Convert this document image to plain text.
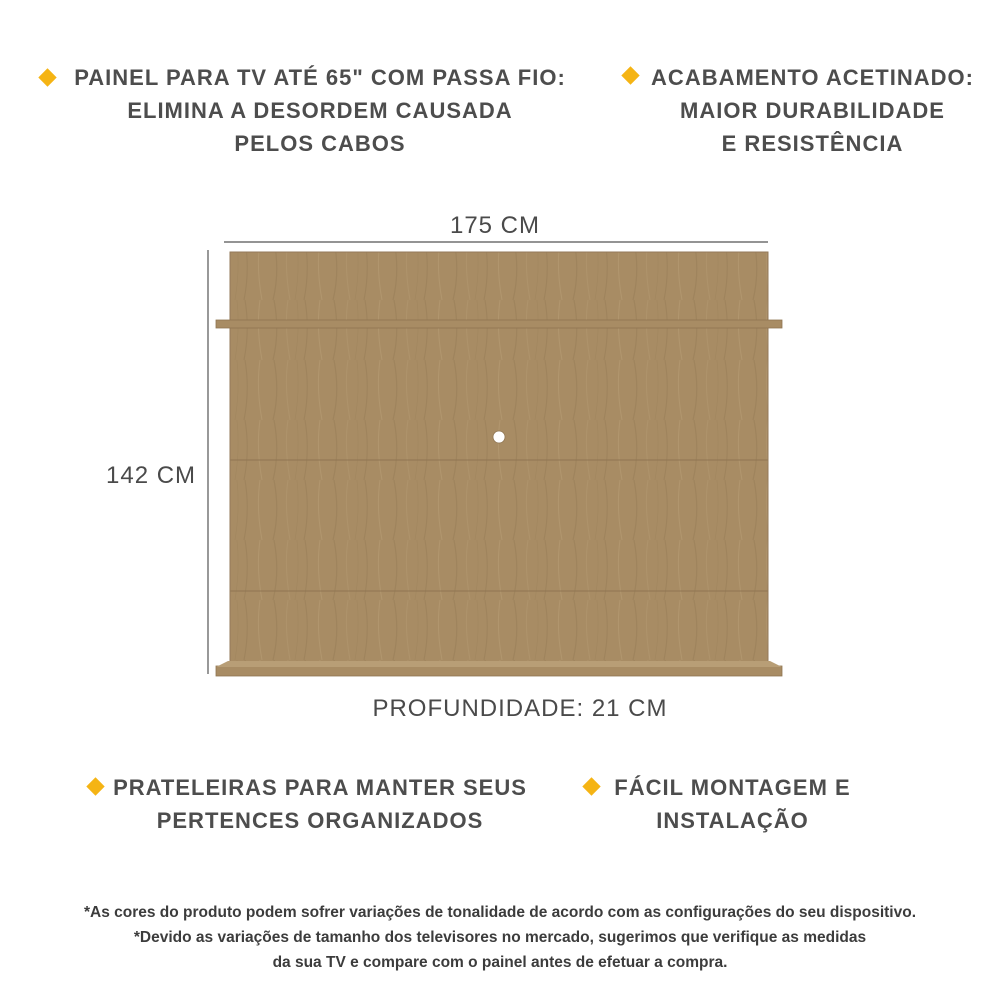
PAINEL PARA TV ATÉ 65" COM PASSA FIO:
ELIMINA A DESORDEM CAUSADA
PELOS CABOS
ACABAMENTO ACETINADO:
MAIOR DURABILIDADE
E RESISTÊNCIA
175 CM
142 CM
PROFUNDIDADE: 21 CM
PRATELEIRAS PARA MANTER SEUS
PERTENCES ORGANIZADOS
FÁCIL MONTAGEM E
INSTALAÇÃO
*As cores do produto podem sofrer variações de tonalidade de acordo com as configurações do seu dispositivo.
*Devido as variações de tamanho dos televisores no mercado, sugerimos que verifique as medidas
da sua TV e compare com o painel antes de efetuar a compra.
